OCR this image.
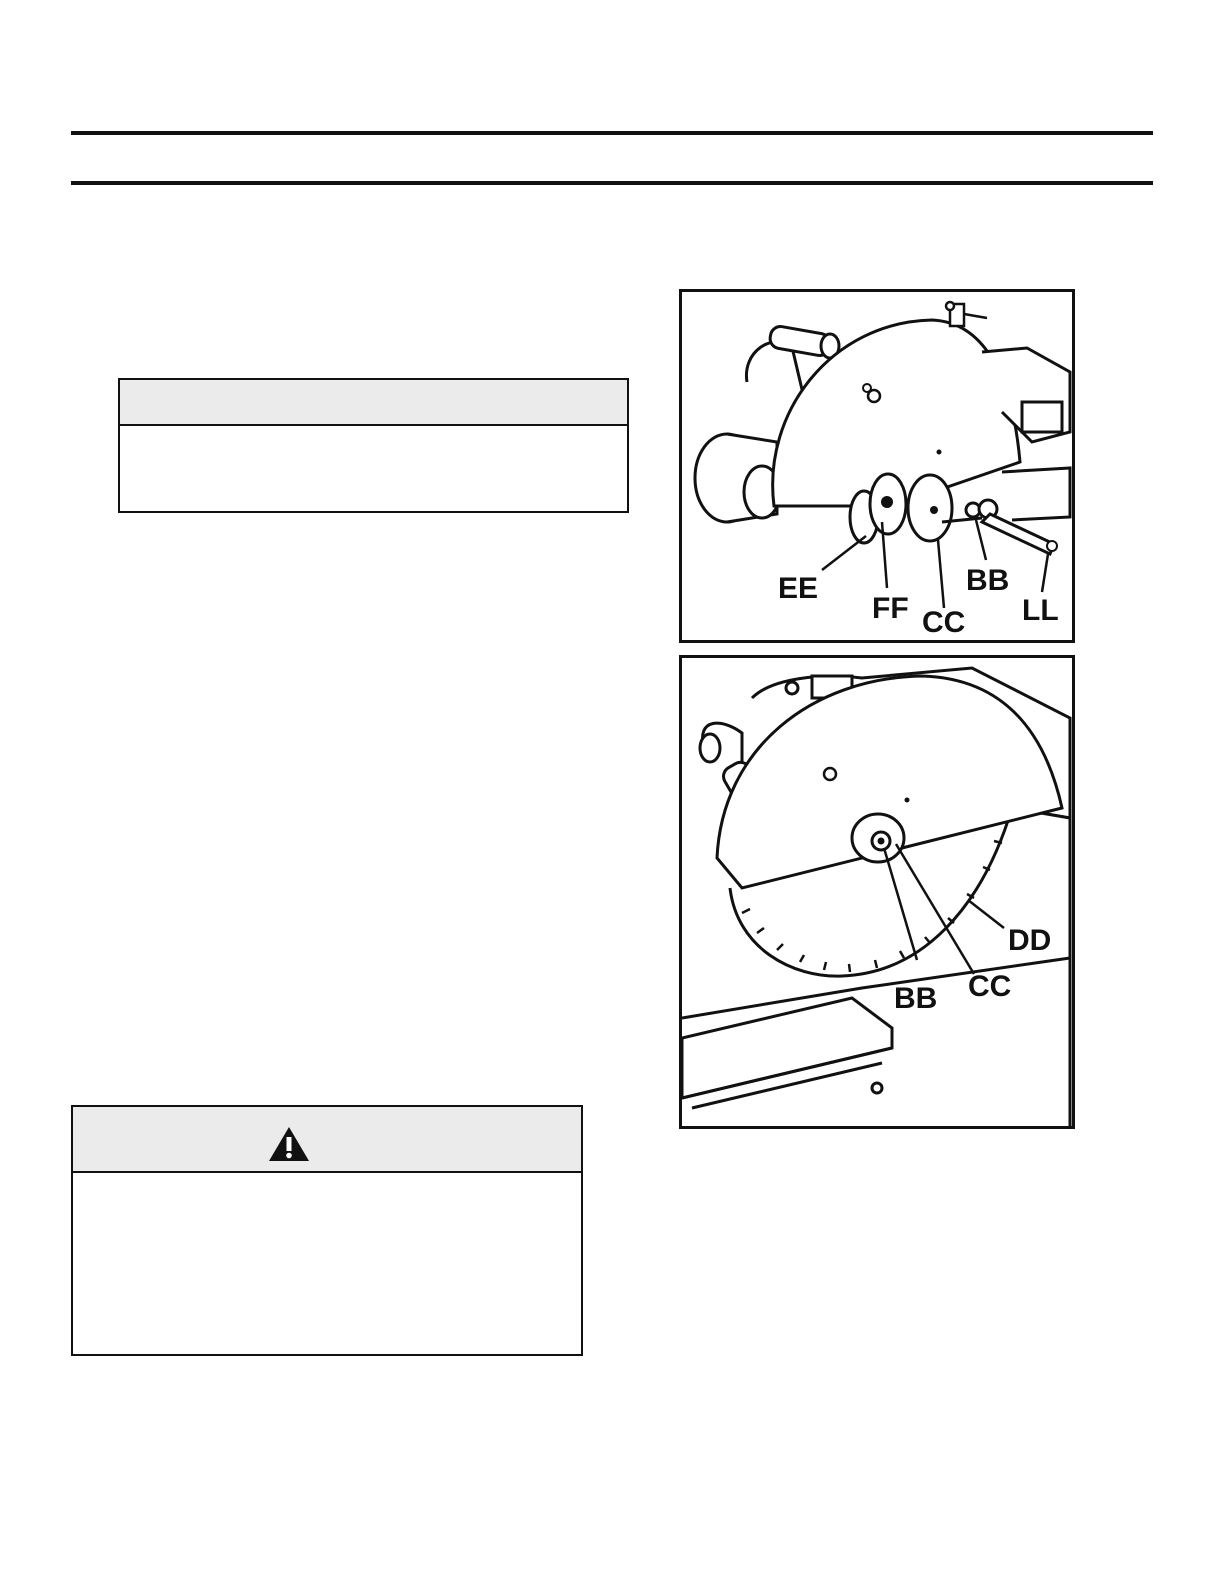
EE
FF CC
BB
LL
BB CC
DD
